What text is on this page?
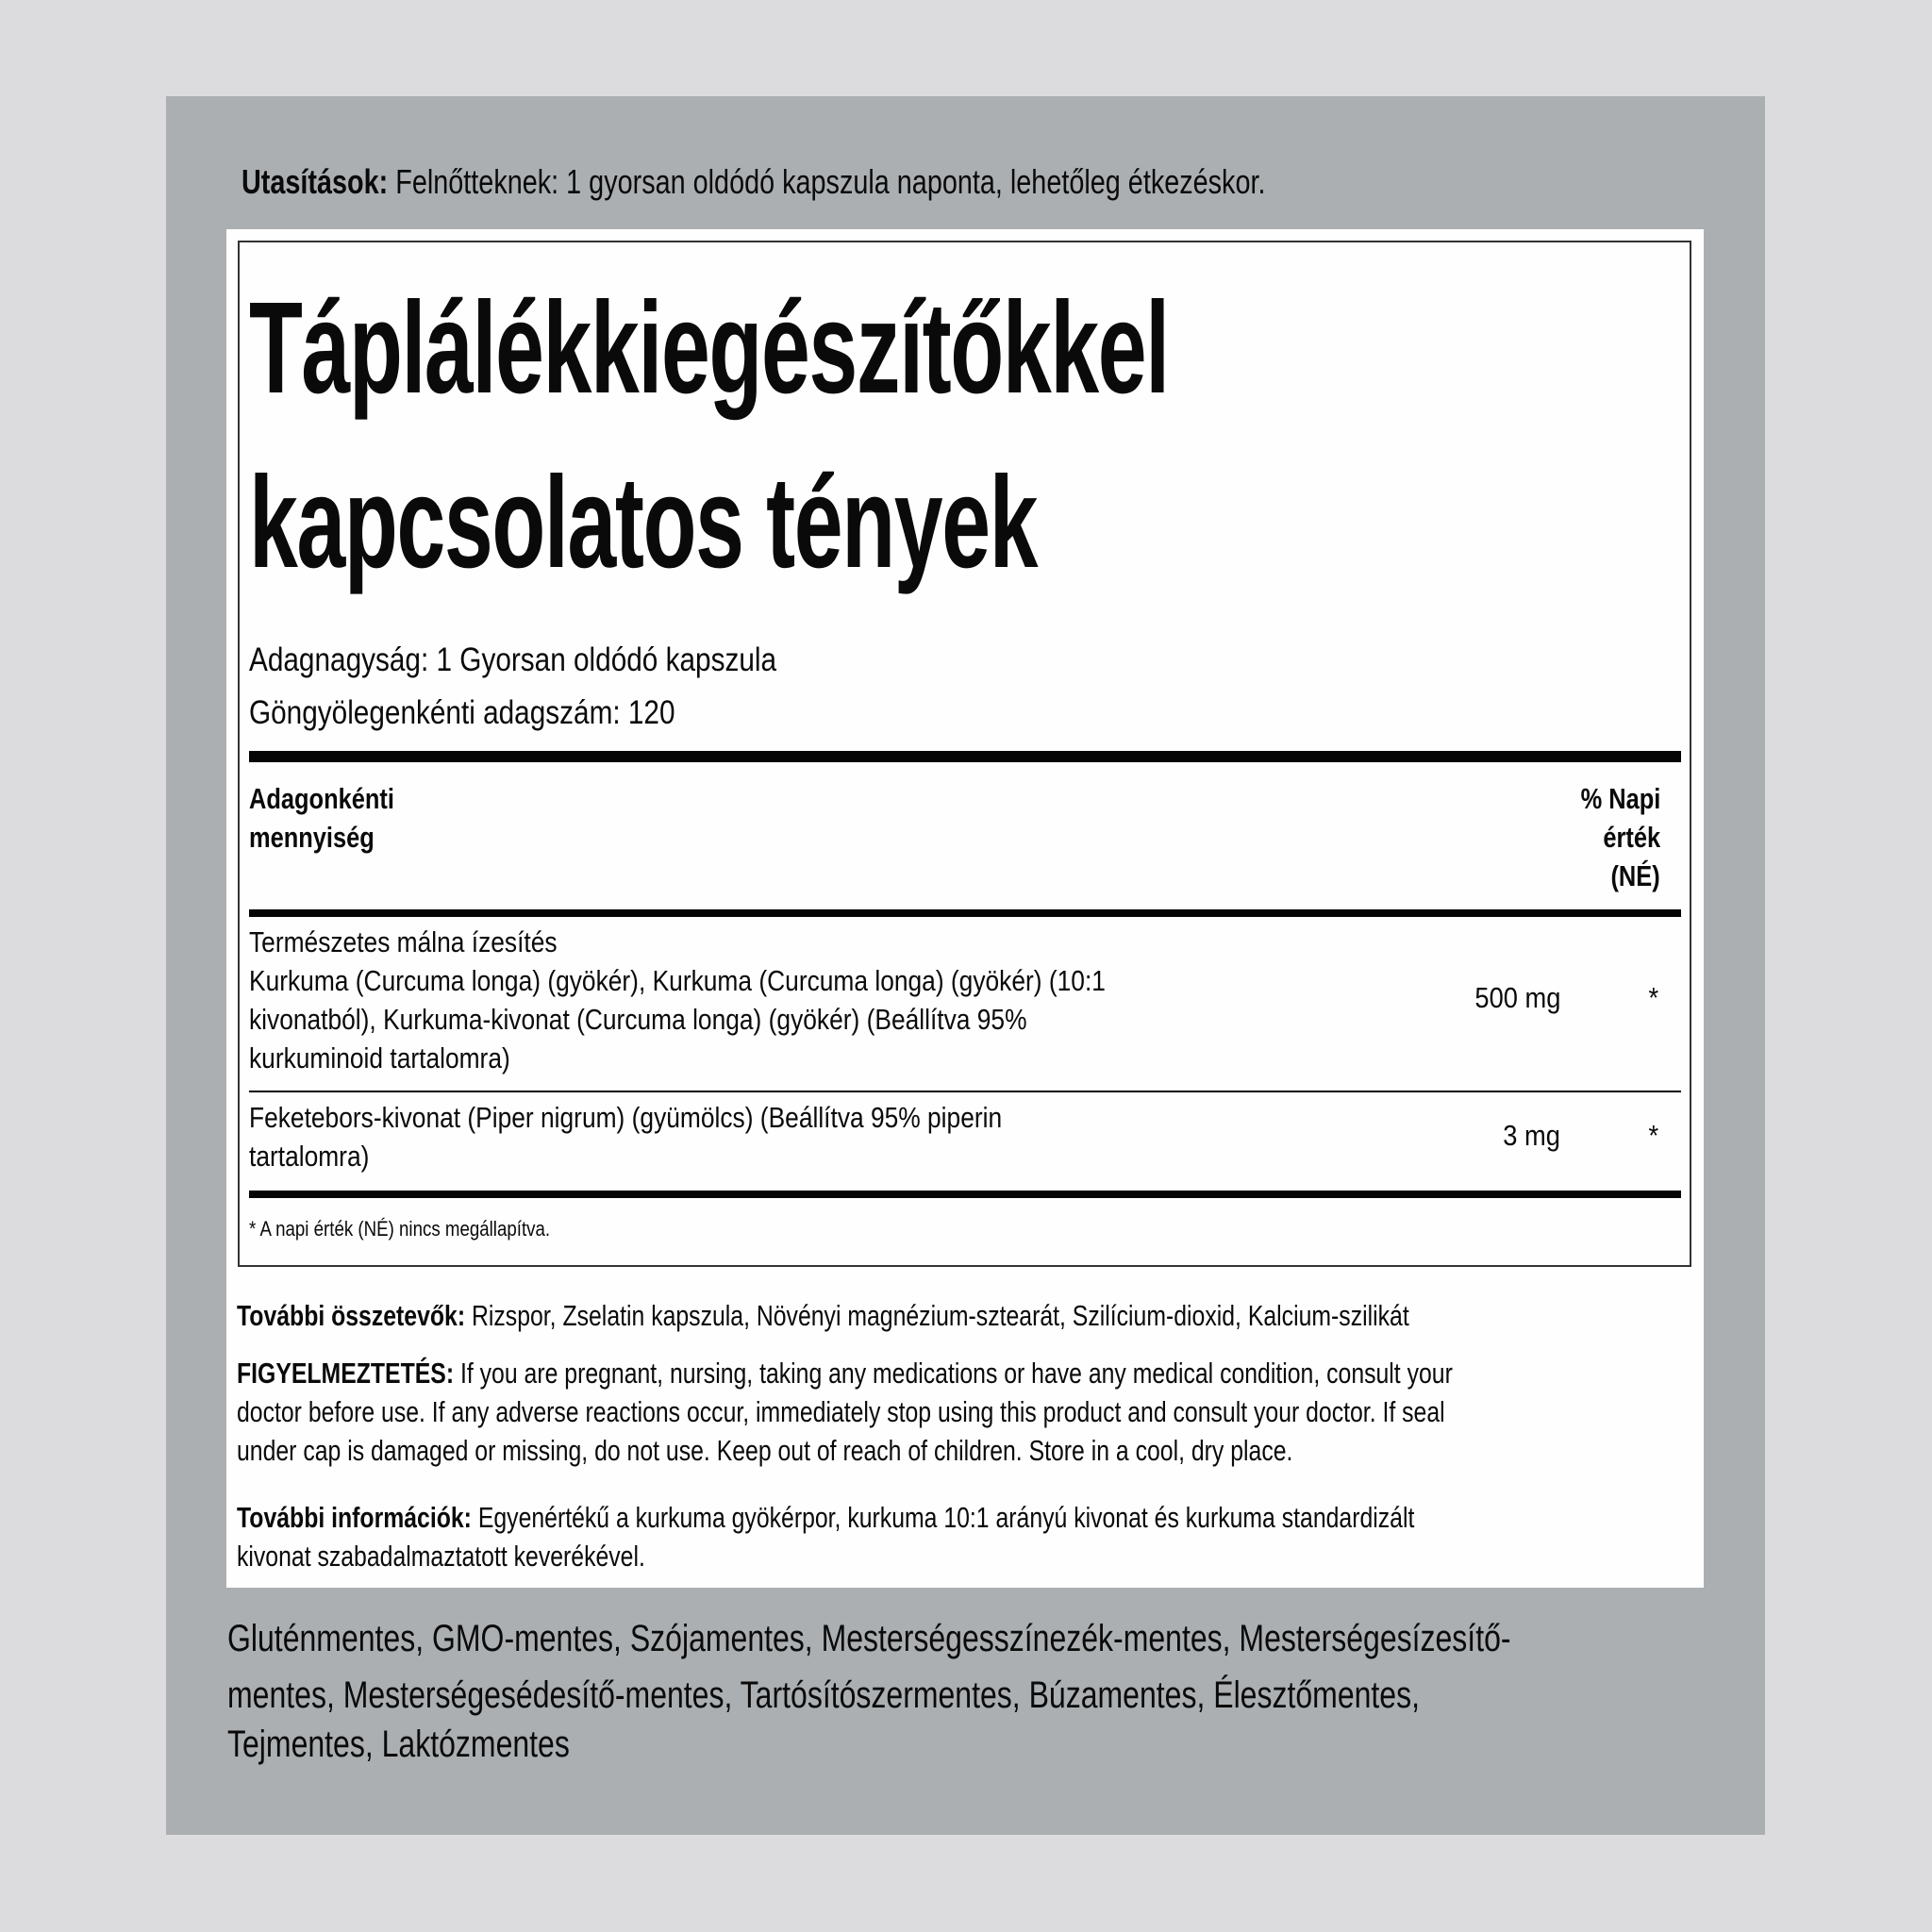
Utasítások: Felnőtteknek: 1 gyorsan oldódó kapszula naponta, lehetőleg étkezéskor.
Táplálékkiegészítőkkel
kapcsolatos tények
Adagnagyság: 1 Gyorsan oldódó kapszula
Göngyölegenkénti adagszám: 120
Adagonkénti
mennyiség
% Napi
érték
(NÉ)
Természetes málna ízesítés
Kurkuma (Curcuma longa) (gyökér), Kurkuma (Curcuma longa) (gyökér) (10:1
kivonatból), Kurkuma-kivonat (Curcuma longa) (gyökér) (Beállítva 95%
kurkuminoid tartalomra)
500 mg	*
Feketebors-kivonat (Piper nigrum) (gyümölcs) (Beállítva 95% piperin
tartalomra)
3 mg	*
* A napi érték (NÉ) nincs megállapítva.
További összetevők: Rizspor, Zselatin kapszula, Növényi magnézium-sztearát, Szilícium-dioxid, Kalcium-szilikát
FIGYELMEZTETÉS: If you are pregnant, nursing, taking any medications or have any medical condition, consult your
doctor before use. If any adverse reactions occur, immediately stop using this product and consult your doctor. If seal
under cap is damaged or missing, do not use. Keep out of reach of children. Store in a cool, dry place.
További információk: Egyenértékű a kurkuma gyökérpor, kurkuma 10:1 arányú kivonat és kurkuma standardizált
kivonat szabadalmaztatott keverékével.
Gluténmentes, GMO-mentes, Szójamentes, Mesterségesszínezék-mentes, Mesterségesízesítő-
mentes, Mesterségesédesítő-mentes, Tartósítószermentes, Búzamentes, Élesztőmentes,
Tejmentes, Laktózmentes
